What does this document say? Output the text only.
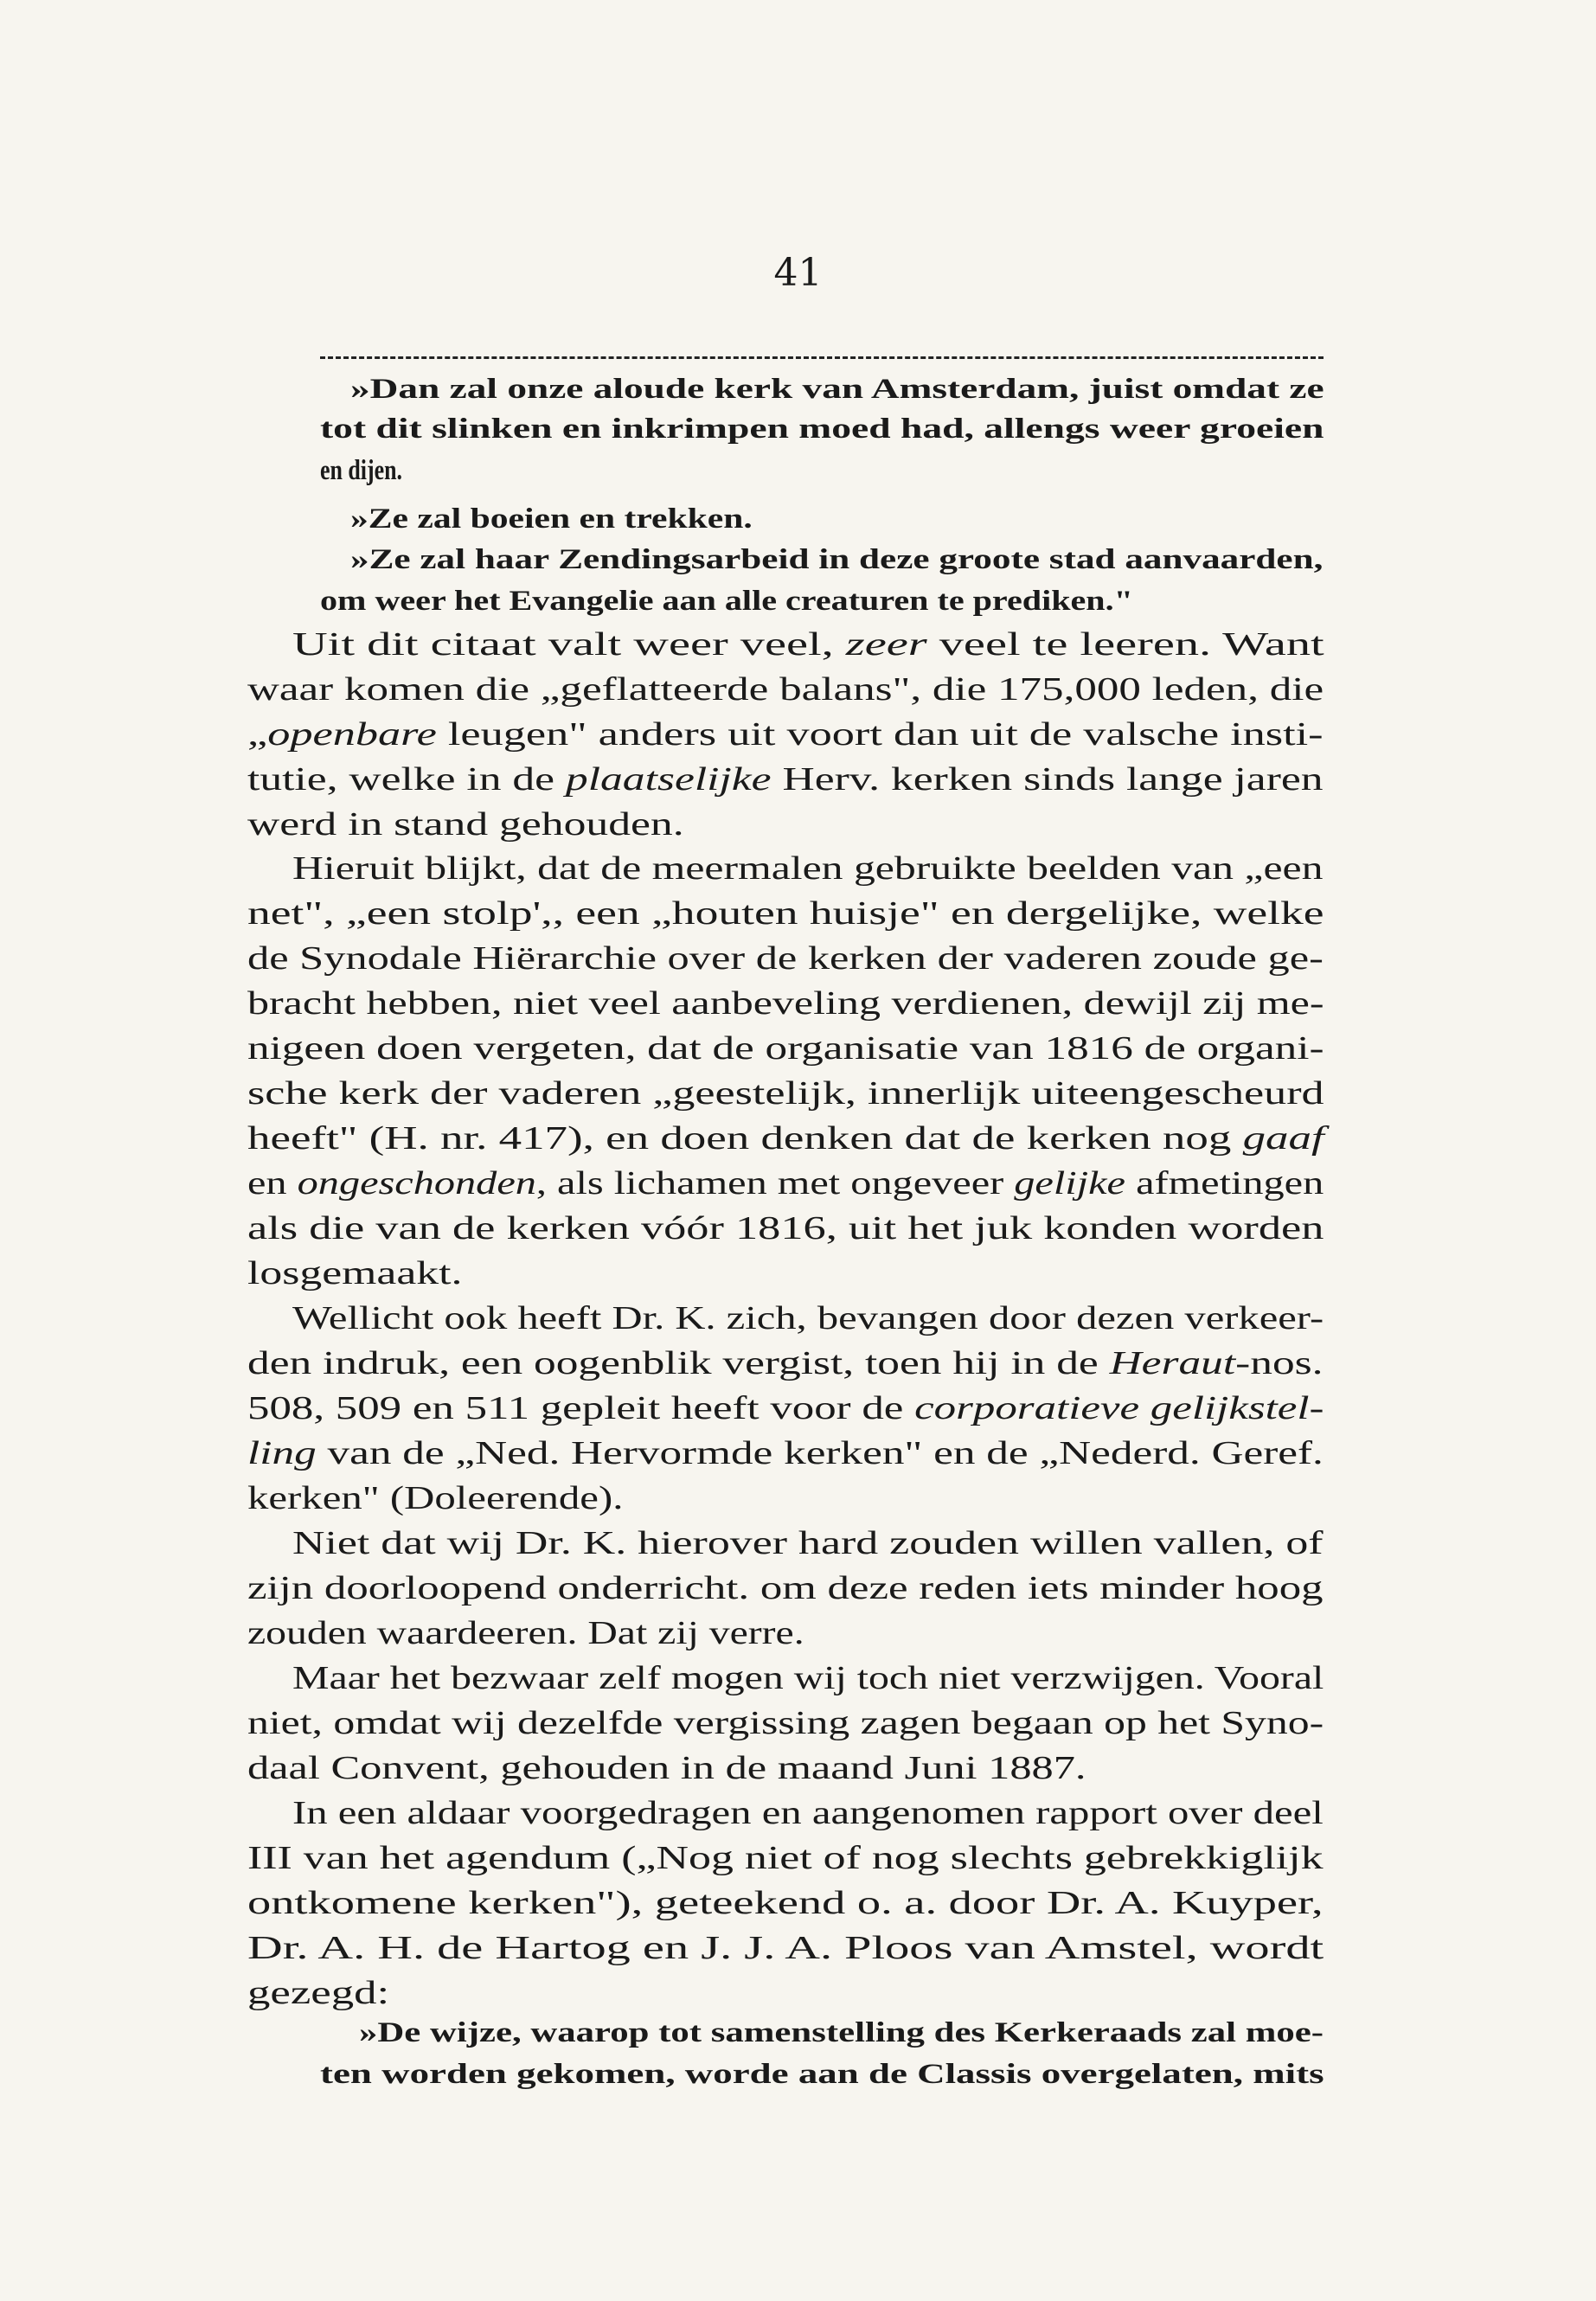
41
»Dan zal onze aloude kerk van Amsterdam, juist omdat ze
tot dit slinken en inkrimpen moed had, allengs weer groeien
en dijen.
»Ze zal boeien en trekken.
»Ze zal haar Zendingsarbeid in deze groote stad aanvaarden,
om weer het Evangelie aan alle creaturen te prediken."
Uit dit citaat valt weer veel, zeer veel te leeren. Want
waar komen die „geflatteerde balans", die 175,000 leden, die
„openbare leugen" anders uit voort dan uit de valsche insti-
tutie, welke in de plaatselijke Herv. kerken sinds lange jaren
werd in stand gehouden.
Hieruit blijkt, dat de meermalen gebruikte beelden van „een
net", „een stolp',, een „houten huisje" en dergelijke, welke
de Synodale Hiërarchie over de kerken der vaderen zoude ge-
bracht hebben, niet veel aanbeveling verdienen, dewijl zij me-
nigeen doen vergeten, dat de organisatie van 1816 de organi-
sche kerk der vaderen „geestelijk, innerlijk uiteengescheurd
heeft" (H. nr. 417), en doen denken dat de kerken nog gaaf
en ongeschonden, als lichamen met ongeveer gelijke afmetingen
als die van de kerken vóór 1816, uit het juk konden worden
losgemaakt.
Wellicht ook heeft Dr. K. zich, bevangen door dezen verkeer-
den indruk, een oogenblik vergist, toen hij in de Heraut-nos.
508, 509 en 511 gepleit heeft voor de corporatieve gelijkstel-
ling van de „Ned. Hervormde kerken" en de „Nederd. Geref.
kerken" (Doleerende).
Niet dat wij Dr. K. hierover hard zouden willen vallen, of
zijn doorloopend onderricht. om deze reden iets minder hoog
zouden waardeeren. Dat zij verre.
Maar het bezwaar zelf mogen wij toch niet verzwijgen. Vooral
niet, omdat wij dezelfde vergissing zagen begaan op het Syno-
daal Convent, gehouden in de maand Juni 1887.
In een aldaar voorgedragen en aangenomen rapport over deel
III van het agendum („Nog niet of nog slechts gebrekkiglijk
ontkomene kerken"), geteekend o. a. door Dr. A. Kuyper,
Dr. A. H. de Hartog en J. J. A. Ploos van Amstel, wordt
gezegd:
»De wijze, waarop tot samenstelling des Kerkeraads zal moe-
ten worden gekomen, worde aan de Classis overgelaten, mits
